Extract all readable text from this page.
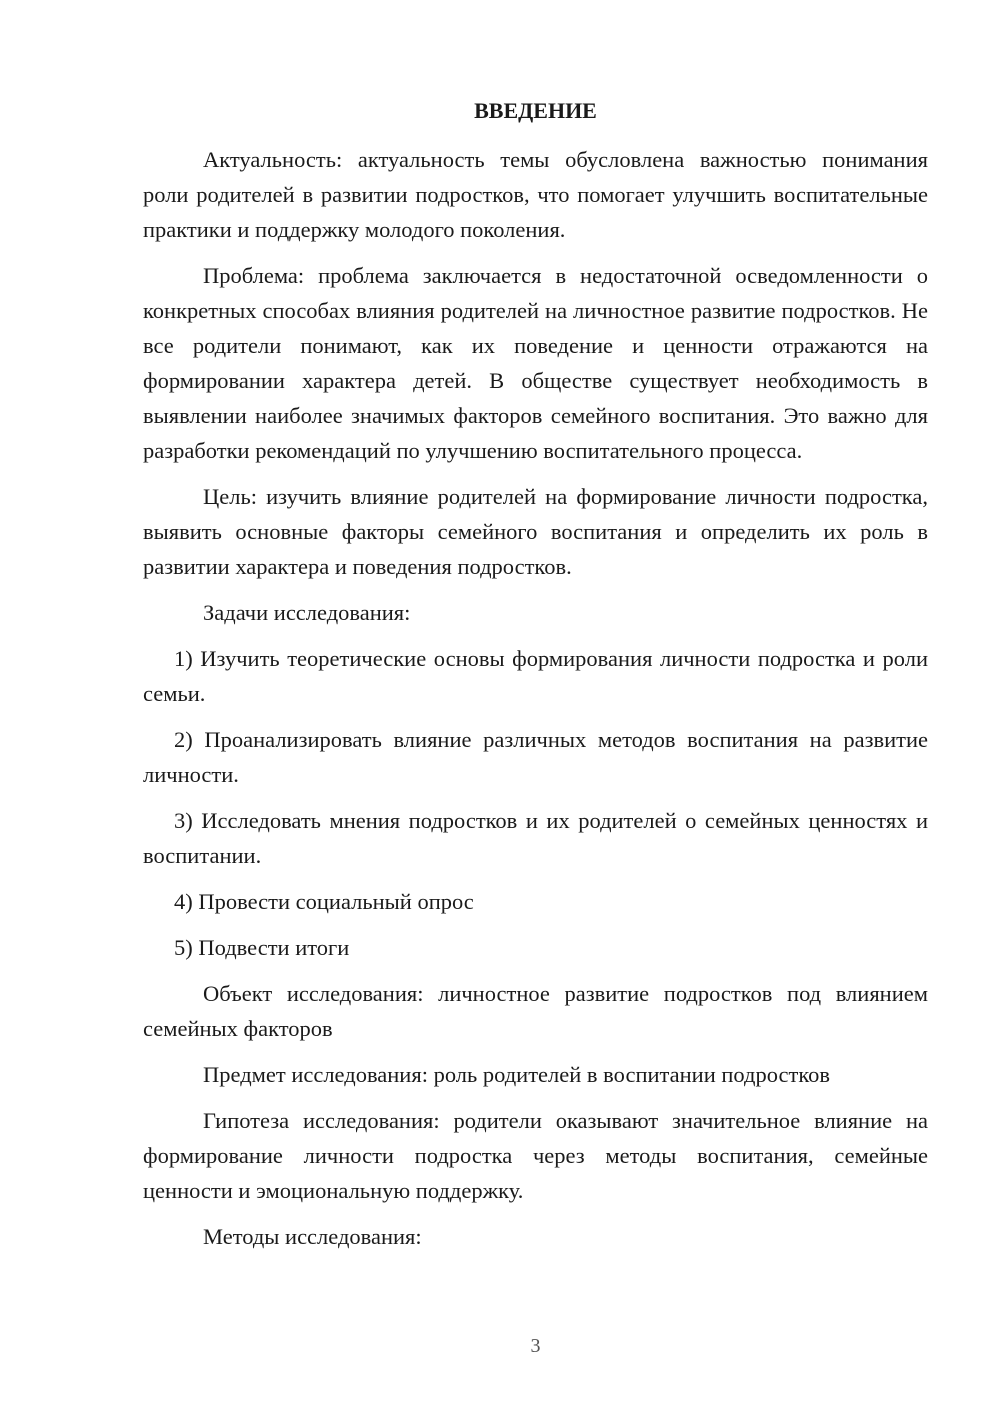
ВВЕДЕНИЕ

Актуальность: актуальность темы обусловлена важностью понимания роли родителей в развитии подростков, что помогает улучшить воспитательные практики и поддержку молодого поколения.

Проблема: проблема заключается в недостаточной осведомленности о конкретных способах влияния родителей на личностное развитие подростков. Не все родители понимают, как их поведение и ценности отражаются на формировании характера детей. В обществе существует необходимость в выявлении наиболее значимых факторов семейного воспитания. Это важно для разработки рекомендаций по улучшению воспитательного процесса.

Цель: изучить влияние родителей на формирование личности подростка, выявить основные факторы семейного воспитания и определить их роль в развитии характера и поведения подростков.

Задачи исследования:

1) Изучить теоретические основы формирования личности подростка и роли семьи.

2) Проанализировать влияние различных методов воспитания на развитие личности.

3) Исследовать мнения подростков и их родителей о семейных ценностях и воспитании.

4) Провести социальный опрос

5) Подвести итоги

Объект исследования: личностное развитие подростков под влиянием семейных факторов

Предмет исследования: роль родителей в воспитании подростков

Гипотеза исследования: родители оказывают значительное влияние на формирование личности подростка через методы воспитания, семейные ценности и эмоциональную поддержку.

Методы исследования:

3
